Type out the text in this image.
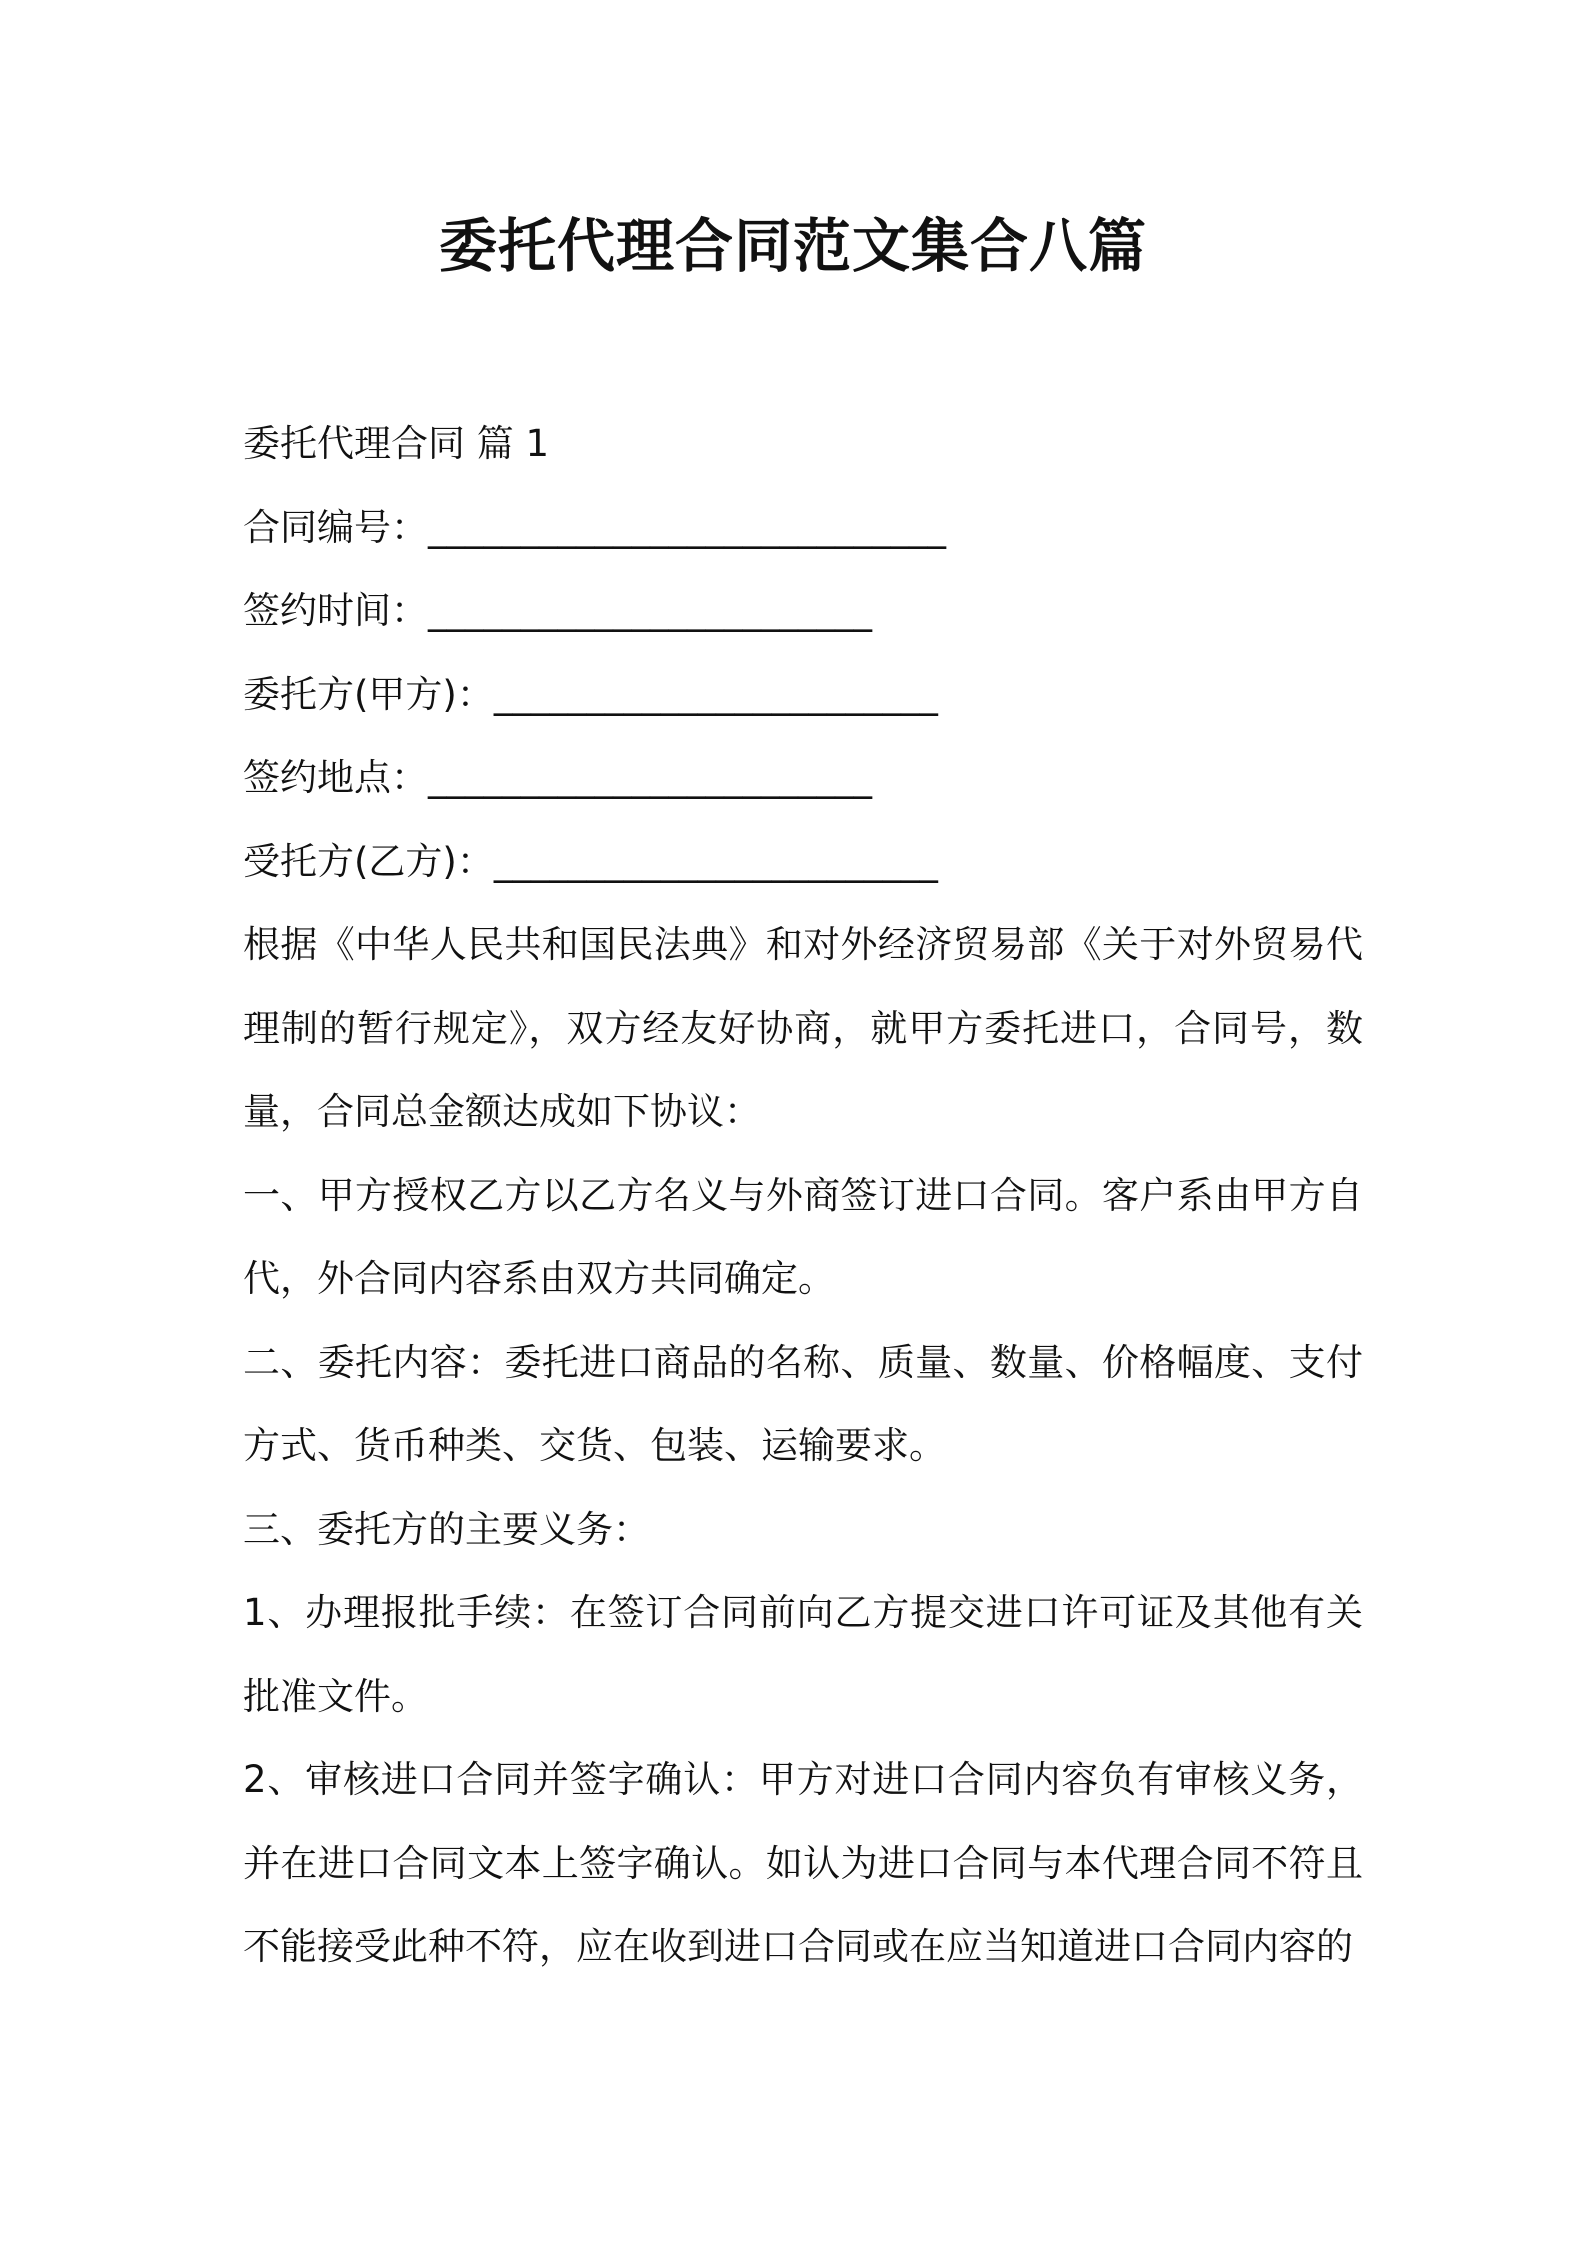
委托代理合同范文集合八篇
委托代理合同 篇 1
合同编号：____________________________
签约时间：________________________
委托方(甲方)：________________________
签约地点：________________________
受托方(乙方)：________________________
根据《中华人民共和国民法典》和对外经济贸易部《关于对外贸易代理制的暂行规定》，双方经友好协商，就甲方委托进口，合同号，数量，合同总金额达成如下协议：
一、甲方授权乙方以乙方名义与外商签订进口合同。客户系由甲方自代，外合同内容系由双方共同确定。
二、委托内容：委托进口商品的名称、质量、数量、价格幅度、支付方式、货币种类、交货、包装、运输要求。
三、委托方的主要义务：
1、办理报批手续：在签订合同前向乙方提交进口许可证及其他有关批准文件。
2、审核进口合同并签字确认：甲方对进口合同内容负有审核义务，并在进口合同文本上签字确认。如认为进口合同与本代理合同不符且不能接受此种不符，应在收到进口合同或在应当知道进口合同内容的
